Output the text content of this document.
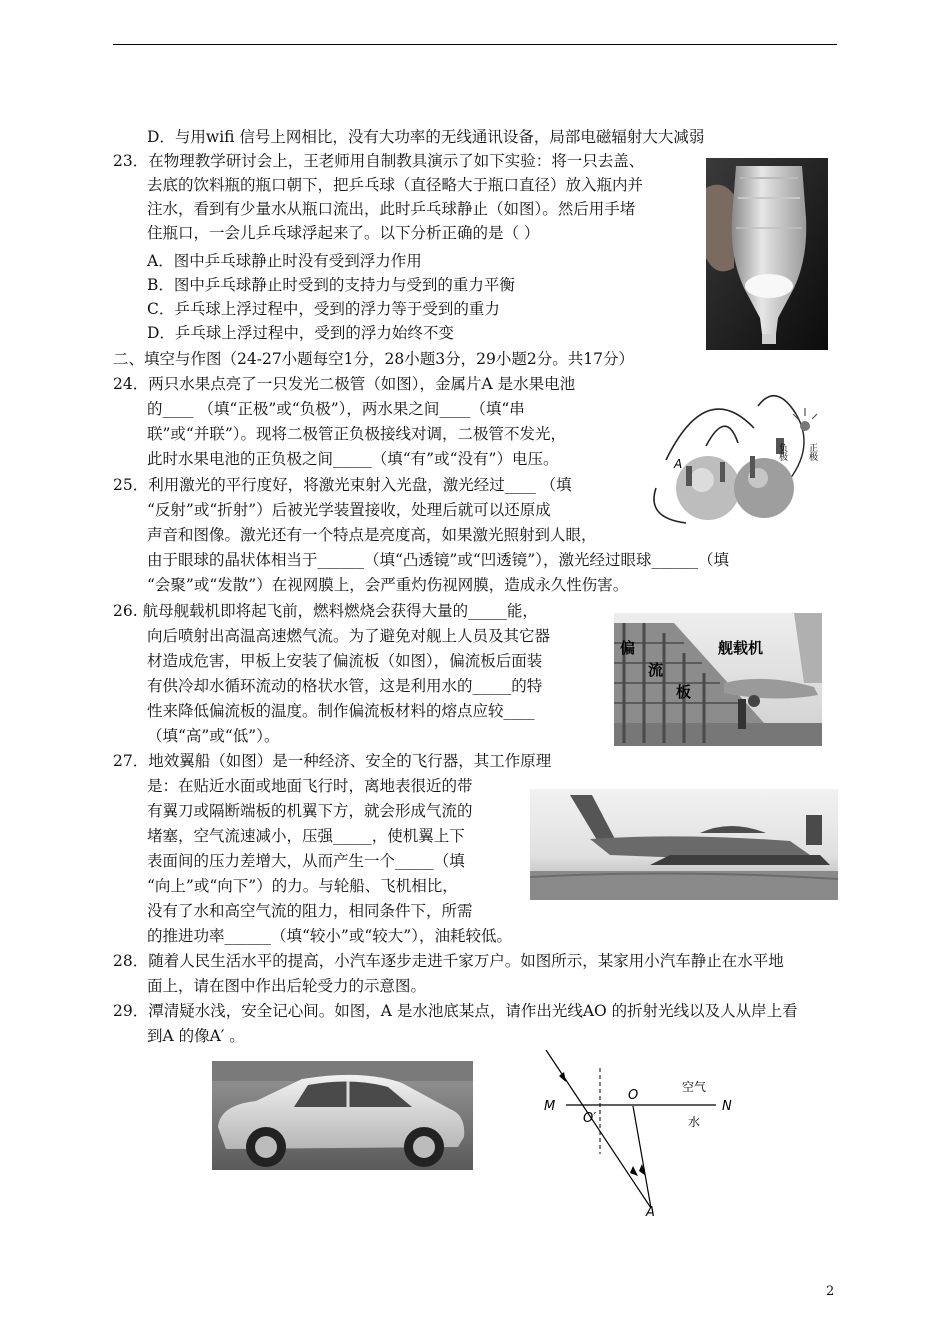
D．与用wifi 信号上网相比，没有大功率的无线通讯设备，局部电磁辐射大大减弱
23．在物理教学研讨会上，王老师用自制教具演示了如下实验：将一只去盖、
去底的饮料瓶的瓶口朝下，把乒乓球（直径略大于瓶口直径）放入瓶内并
注水，看到有少量水从瓶口流出，此时乒乓球静止（如图）。然后用手堵
住瓶口，一会儿乒乓球浮起来了。以下分析正确的是（ ）
A．图中乒乓球静止时没有受到浮力作用
B．图中乒乓球静止时受到的支持力与受到的重力平衡
C．乒乓球上浮过程中，受到的浮力等于受到的重力
D．乒乓球上浮过程中，受到的浮力始终不变
二、填空与作图（24-27小题每空1分，28小题3分，29小题2分。共17分）
24．两只水果点亮了一只发光二极管（如图），金属片A 是水果电池
的____ （填“正极”或“负极”），两水果之间____（填“串
联”或“并联”）。现将二极管正负极接线对调，二极管不发光，
此时水果电池的正负极之间_____（填“有”或“没有”）电压。	A
负极 正极
25．利用激光的平行度好，将激光束射入光盘，激光经过____ （填
“反射”或“折射”）后被光学装置接收，处理后就可以还原成
声音和图像。激光还有一个特点是亮度高，如果激光照射到人眼，
由于眼球的晶状体相当于______（填“凸透镜”或“凹透镜”），激光经过眼球______（填
“会聚”或“发散”）在视网膜上，会严重灼伤视网膜，造成永久性伤害。
26. 航母舰载机即将起飞前，燃料燃烧会获得大量的_____能，
向后喷射出高温高速燃气流。为了避免对舰上人员及其它器
材造成危害，甲板上安装了偏流板（如图），偏流板后面装
有供冷却水循环流动的格状水管，这是利用水的_____的特
性来降低偏流板的温度。制作偏流板材料的熔点应较____
（填“高”或“低”）。
偏
流
板
舰载机
27．地效翼船（如图）是一种经济、安全的飞行器，其工作原理
是：在贴近水面或地面飞行时，离地表很近的带
有翼刀或隔断端板的机翼下方，就会形成气流的
堵塞，空气流速减小，压强_____，使机翼上下
表面间的压力差增大，从而产生一个_____（填
“向上”或“向下”）的力。与轮船、飞机相比，
没有了水和高空气流的阻力，相同条件下，所需
的推进功率______（填“较小”或“较大”），油耗较低。
28．随着人民生活水平的提高，小汽车逐步走进千家万户。如图所示，某家用小汽车静止在水平地
面上，请在图中作出后轮受力的示意图。
29．潭清疑水浅，安全记心间。如图，A 是水池底某点，请作出光线AO 的折射光线以及人从岸上看
到A 的像A′ 。
M	N
O
O′
空气
水
A
2
